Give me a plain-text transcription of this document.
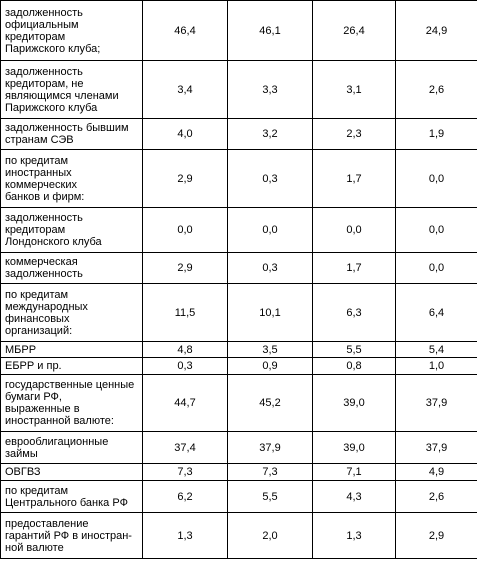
задолженность
официальным
кредиторам
Парижского клуба;	46,4	46,1	26,4	24,9
задолженность
кредиторам, не
являющимся членами
Парижского клуба	3,4	3,3	3,1	2,6
задолженность бывшим
странам СЭВ	4,0	3,2	2,3	1,9
по кредитам
иностранных
коммерческих
банков и фирм:	2,9	0,3	1,7	0,0
задолженность
кредиторам
Лондонского клуба	0,0	0,0	0,0	0,0
коммерческая
задолженность	2,9	0,3	1,7	0,0
по кредитам
международных
финансовых
организаций:	11,5	10,1	6,3	6,4
МБРР	4,8	3,5	5,5	5,4
ЕБРР и пр.	0,3	0,9	0,8	1,0
государственные ценные
бумаги РФ,
выраженные в
иностранной валюте:	44,7	45,2	39,0	37,9
еврооблигационные
займы	37,4	37,9	39,0	37,9
ОВГВЗ	7,3	7,3	7,1	4,9
по кредитам
Центрального банка РФ	6,2	5,5	4,3	2,6
предоставление
гарантий РФ в иностран-
ной валюте	1,3	2,0	1,3	2,9
